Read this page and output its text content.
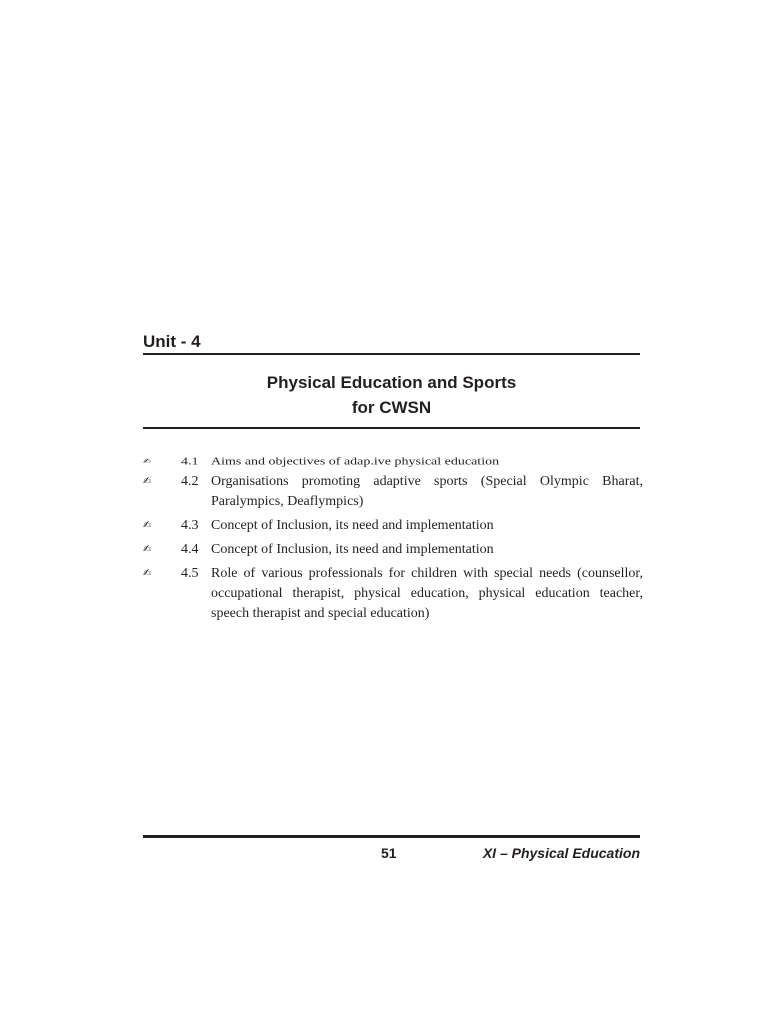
Unit - 4
Physical Education and Sports
for CWSN
✍	4.1 Aims and objectives of adap.ive physical education
✍	4.2 Organisations promoting adaptive sports (Special Olympic Bharat, Paralympics, Deaflympics)
✍	4.3 Concept of Inclusion, its need and implementation
✍	4.4 Concept of Inclusion, its need and implementation
✍	4.5 Role of various professionals for children with special needs (counsellor, occupational therapist, physical education, physical education teacher, speech therapist and special education)
51	XI – Physical Education
